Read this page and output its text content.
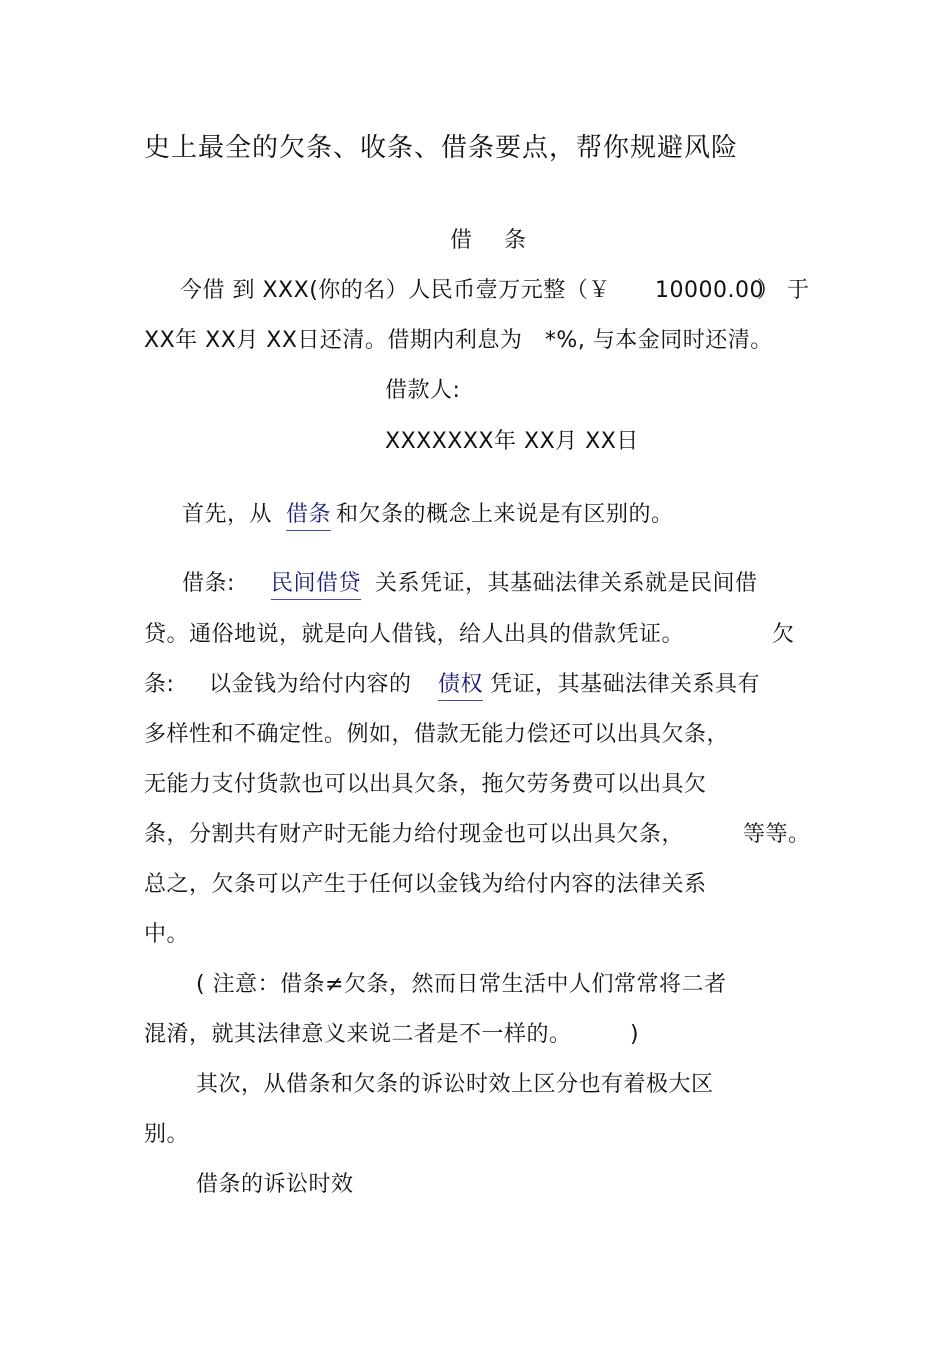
史上最全的欠条、收条、借条要点，帮你规避风险
借 条
今借 到 XXX(你的名）人民币壹万元整（￥ 10000.00
） 于
XX年 XX月 XX日还清。借期内利息为　*%, 与本金同时还清。
借款人:
XXXXXXX年 XX月 XX日
首先，从 借条 和欠条的概念上来说是有区别的。
借条: 民间借贷 关系凭证，其基础法律关系就是民间借
贷。通俗地说，就是向人借钱，给人出具的借款凭证。	欠
条: 以金钱为给付内容的 债权 凭证，其基础法律关系具有
多样性和不确定性。例如，借款无能力偿还可以出具欠条，
无能力支付货款也可以出具欠条，拖欠劳务费可以出具欠
条，分割共有财产时无能力给付现金也可以出具欠条，	等等。
总之，欠条可以产生于任何以金钱为给付内容的法律关系
中。
( 注意：借条≠欠条，然而日常生活中人们常常将二者
混淆，就其法律意义来说二者是不一样的。	)
其次，从借条和欠条的诉讼时效上区分也有着极大区
别。
借条的诉讼时效
